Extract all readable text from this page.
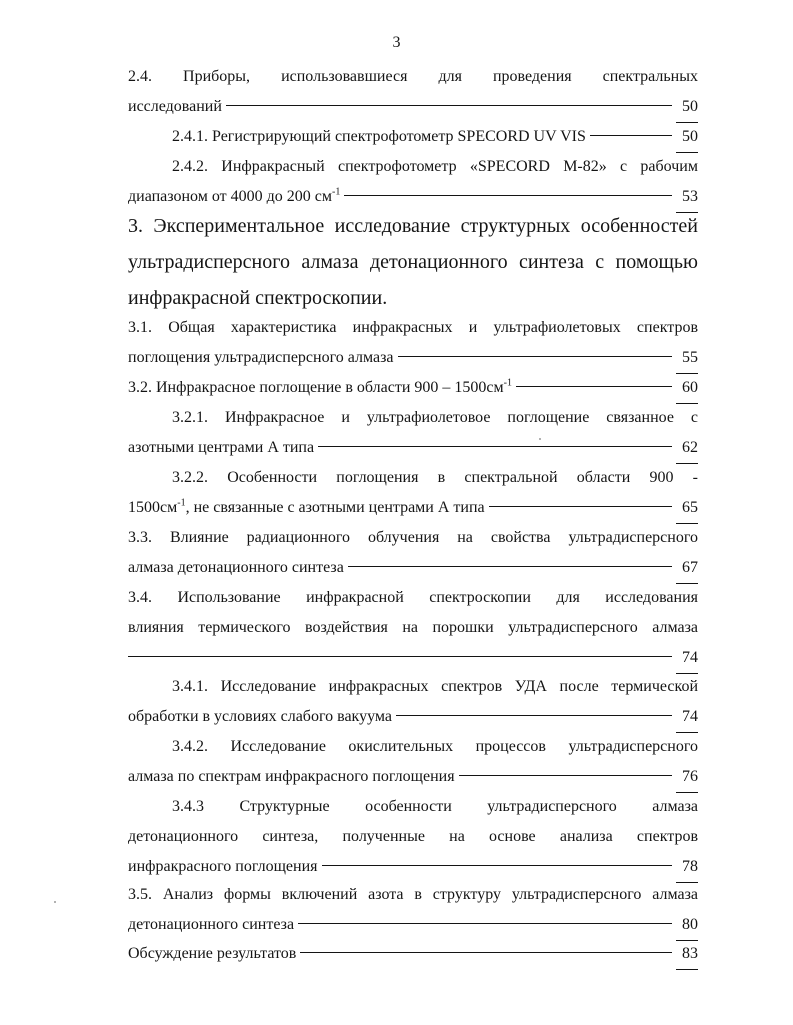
3
2.4. Приборы, использовавшиеся для проведения спектральных
исследований	50
2.4.1. Регистрирующий спектрофотометр SPECORD UV VIS	50
2.4.2. Инфракрасный спектрофотометр «SPECORD M-82» с рабочим
диапазоном от 4000 до 200 $см^{-1}$	53
3. Экспериментальное исследование структурных особенностей
ультрадисперсного алмаза детонационного синтеза с помощью
инфракрасной спектроскопии.
3.1. Общая характеристика инфракрасных и ультрафиолетовых спектров
поглощения ультрадисперсного алмаза	55
3.2. Инфракрасное поглощение в области $900 - 1500см^{-1}$	60
3.2.1. Инфракрасное и ультрафиолетовое поглощение связанное с
азотными центрами А типа	62
3.2.2. Особенности поглощения в спектральной области 900 -
$1500см^{-1}$, не связанные с азотными центрами А типа	65
3.3. Влияние радиационного облучения на свойства ультрадисперсного
алмаза детонационного синтеза	67
3.4. Использование инфракрасной спектроскопии для исследования
влияния термического воздействия на порошки ультрадисперсного алмаза
74
3.4.1. Исследование инфракрасных спектров УДА после термической
обработки в условиях слабого вакуума	74
3.4.2. Исследование окислительных процессов ультрадисперсного
алмаза по спектрам инфракрасного поглощения	76
3.4.3 Структурные особенности ультрадисперсного алмаза
детонационного синтеза, полученные на основе анализа спектров
инфракрасного поглощения	78
3.5. Анализ формы включений азота в структуру ультрадисперсного алмаза
детонационного синтеза	80
Обсуждение результатов	83
